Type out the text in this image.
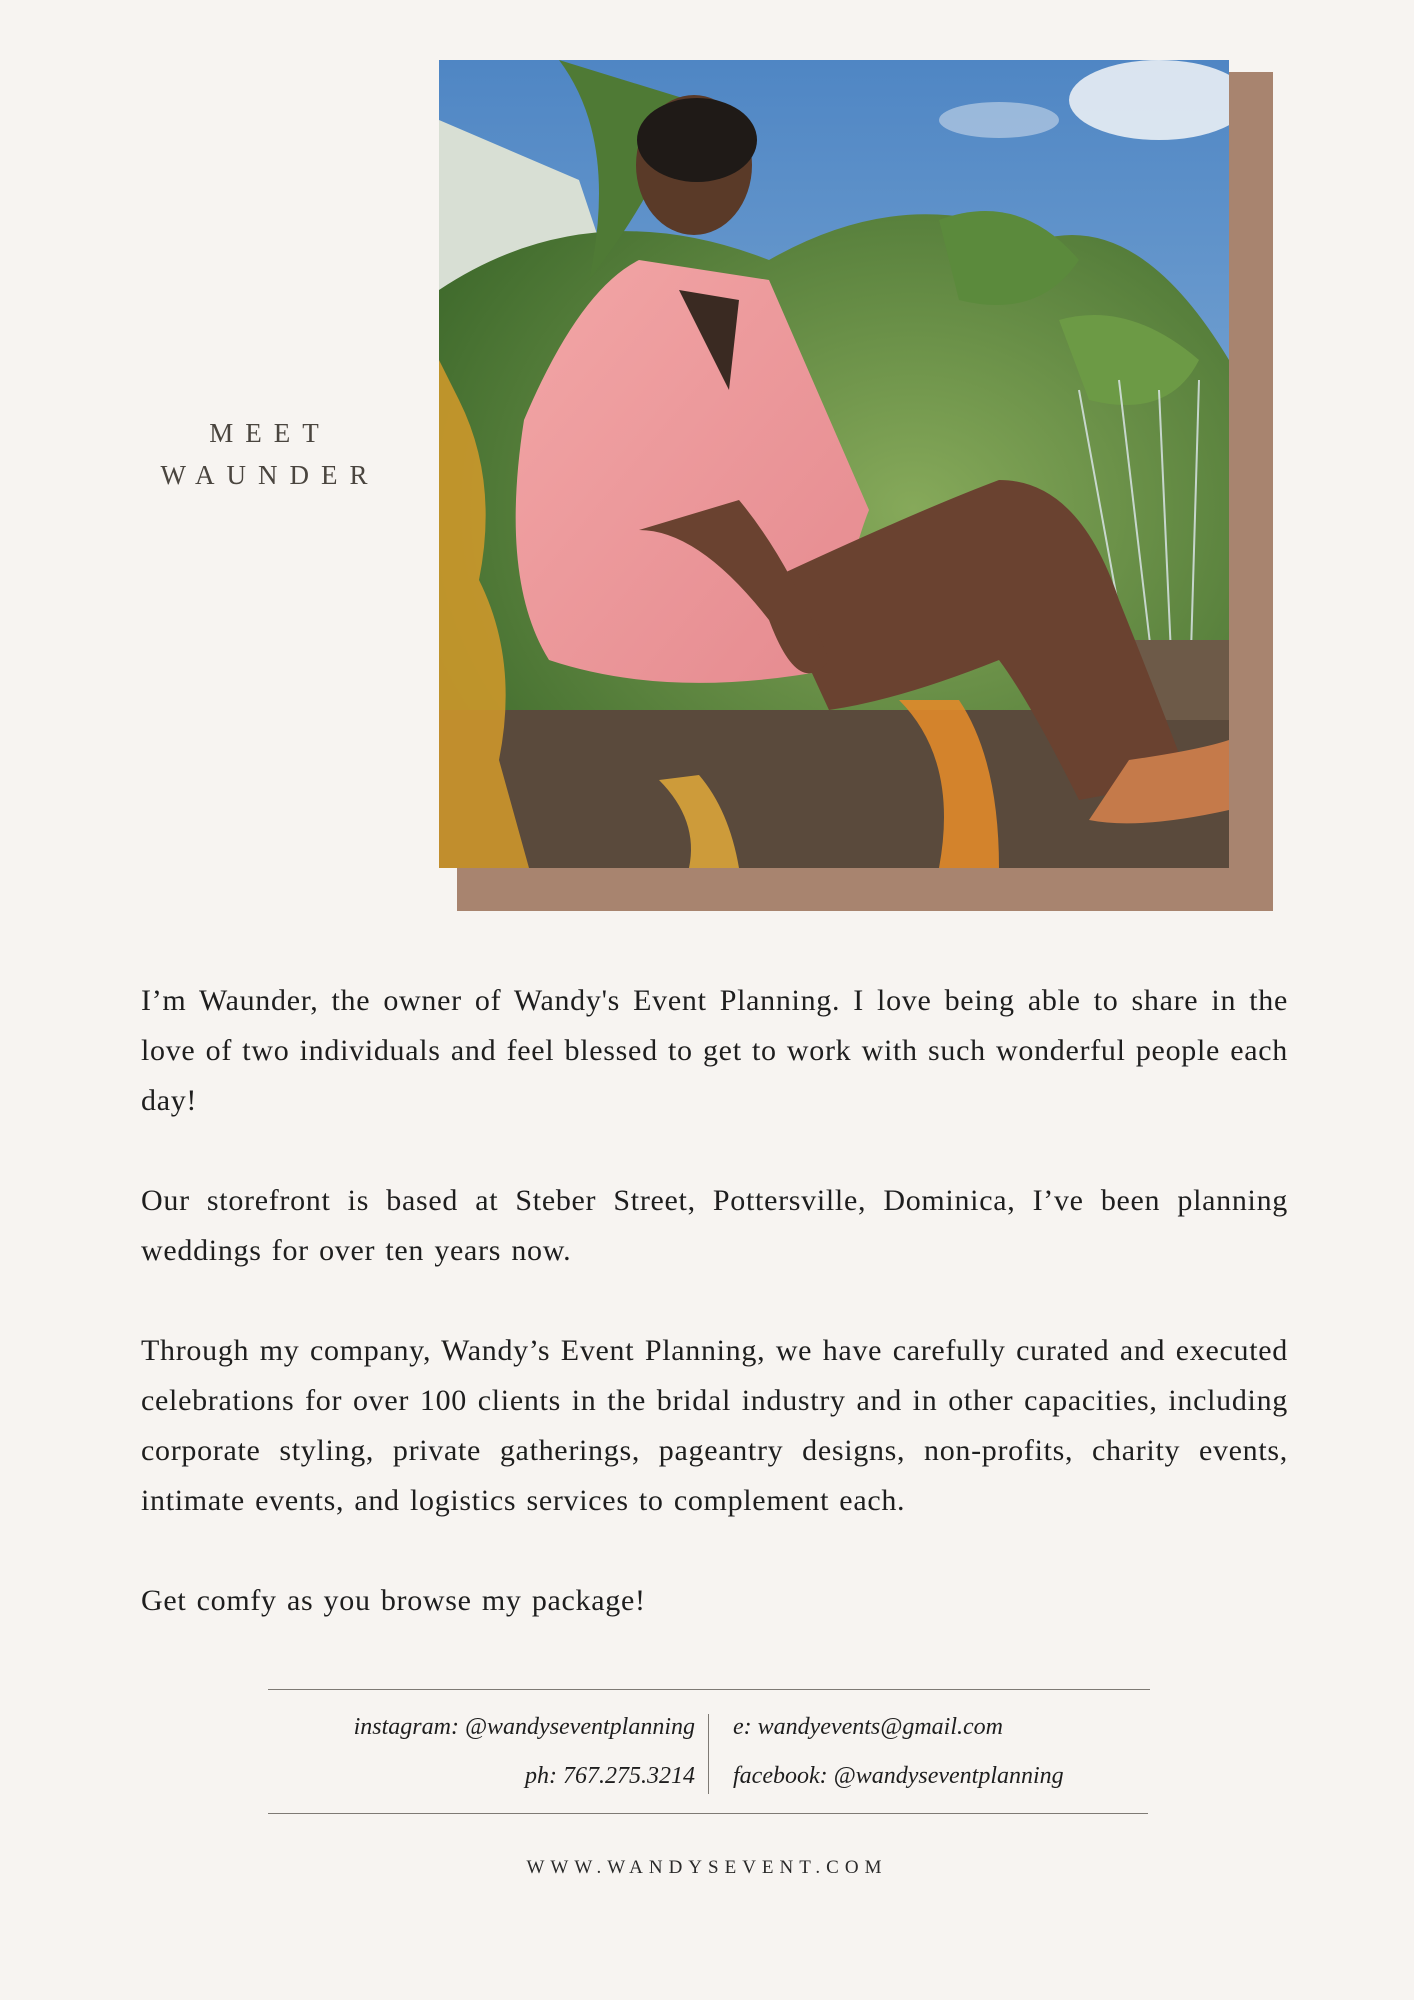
MEET
WAUNDER

I’m Waunder, the owner of Wandy's Event Planning. I love being able to share in the love of two individuals and feel blessed to get to work with such wonderful people each day!

Our storefront is based at Steber Street, Pottersville, Dominica, I’ve been planning weddings for over ten years now.

Through my company, Wandy’s Event Planning, we have carefully curated and executed celebrations for over 100 clients in the bridal industry and in other capacities, including corporate styling, private gatherings, pageantry designs, non-profits, charity events, intimate events, and logistics services to complement each.

Get comfy as you browse my package!

instagram: @wandyseventplanning
ph: 767.275.3214
e: wandyevents@gmail.com
facebook: @wandyseventplanning
WWW.WANDYSEVENT.COM
